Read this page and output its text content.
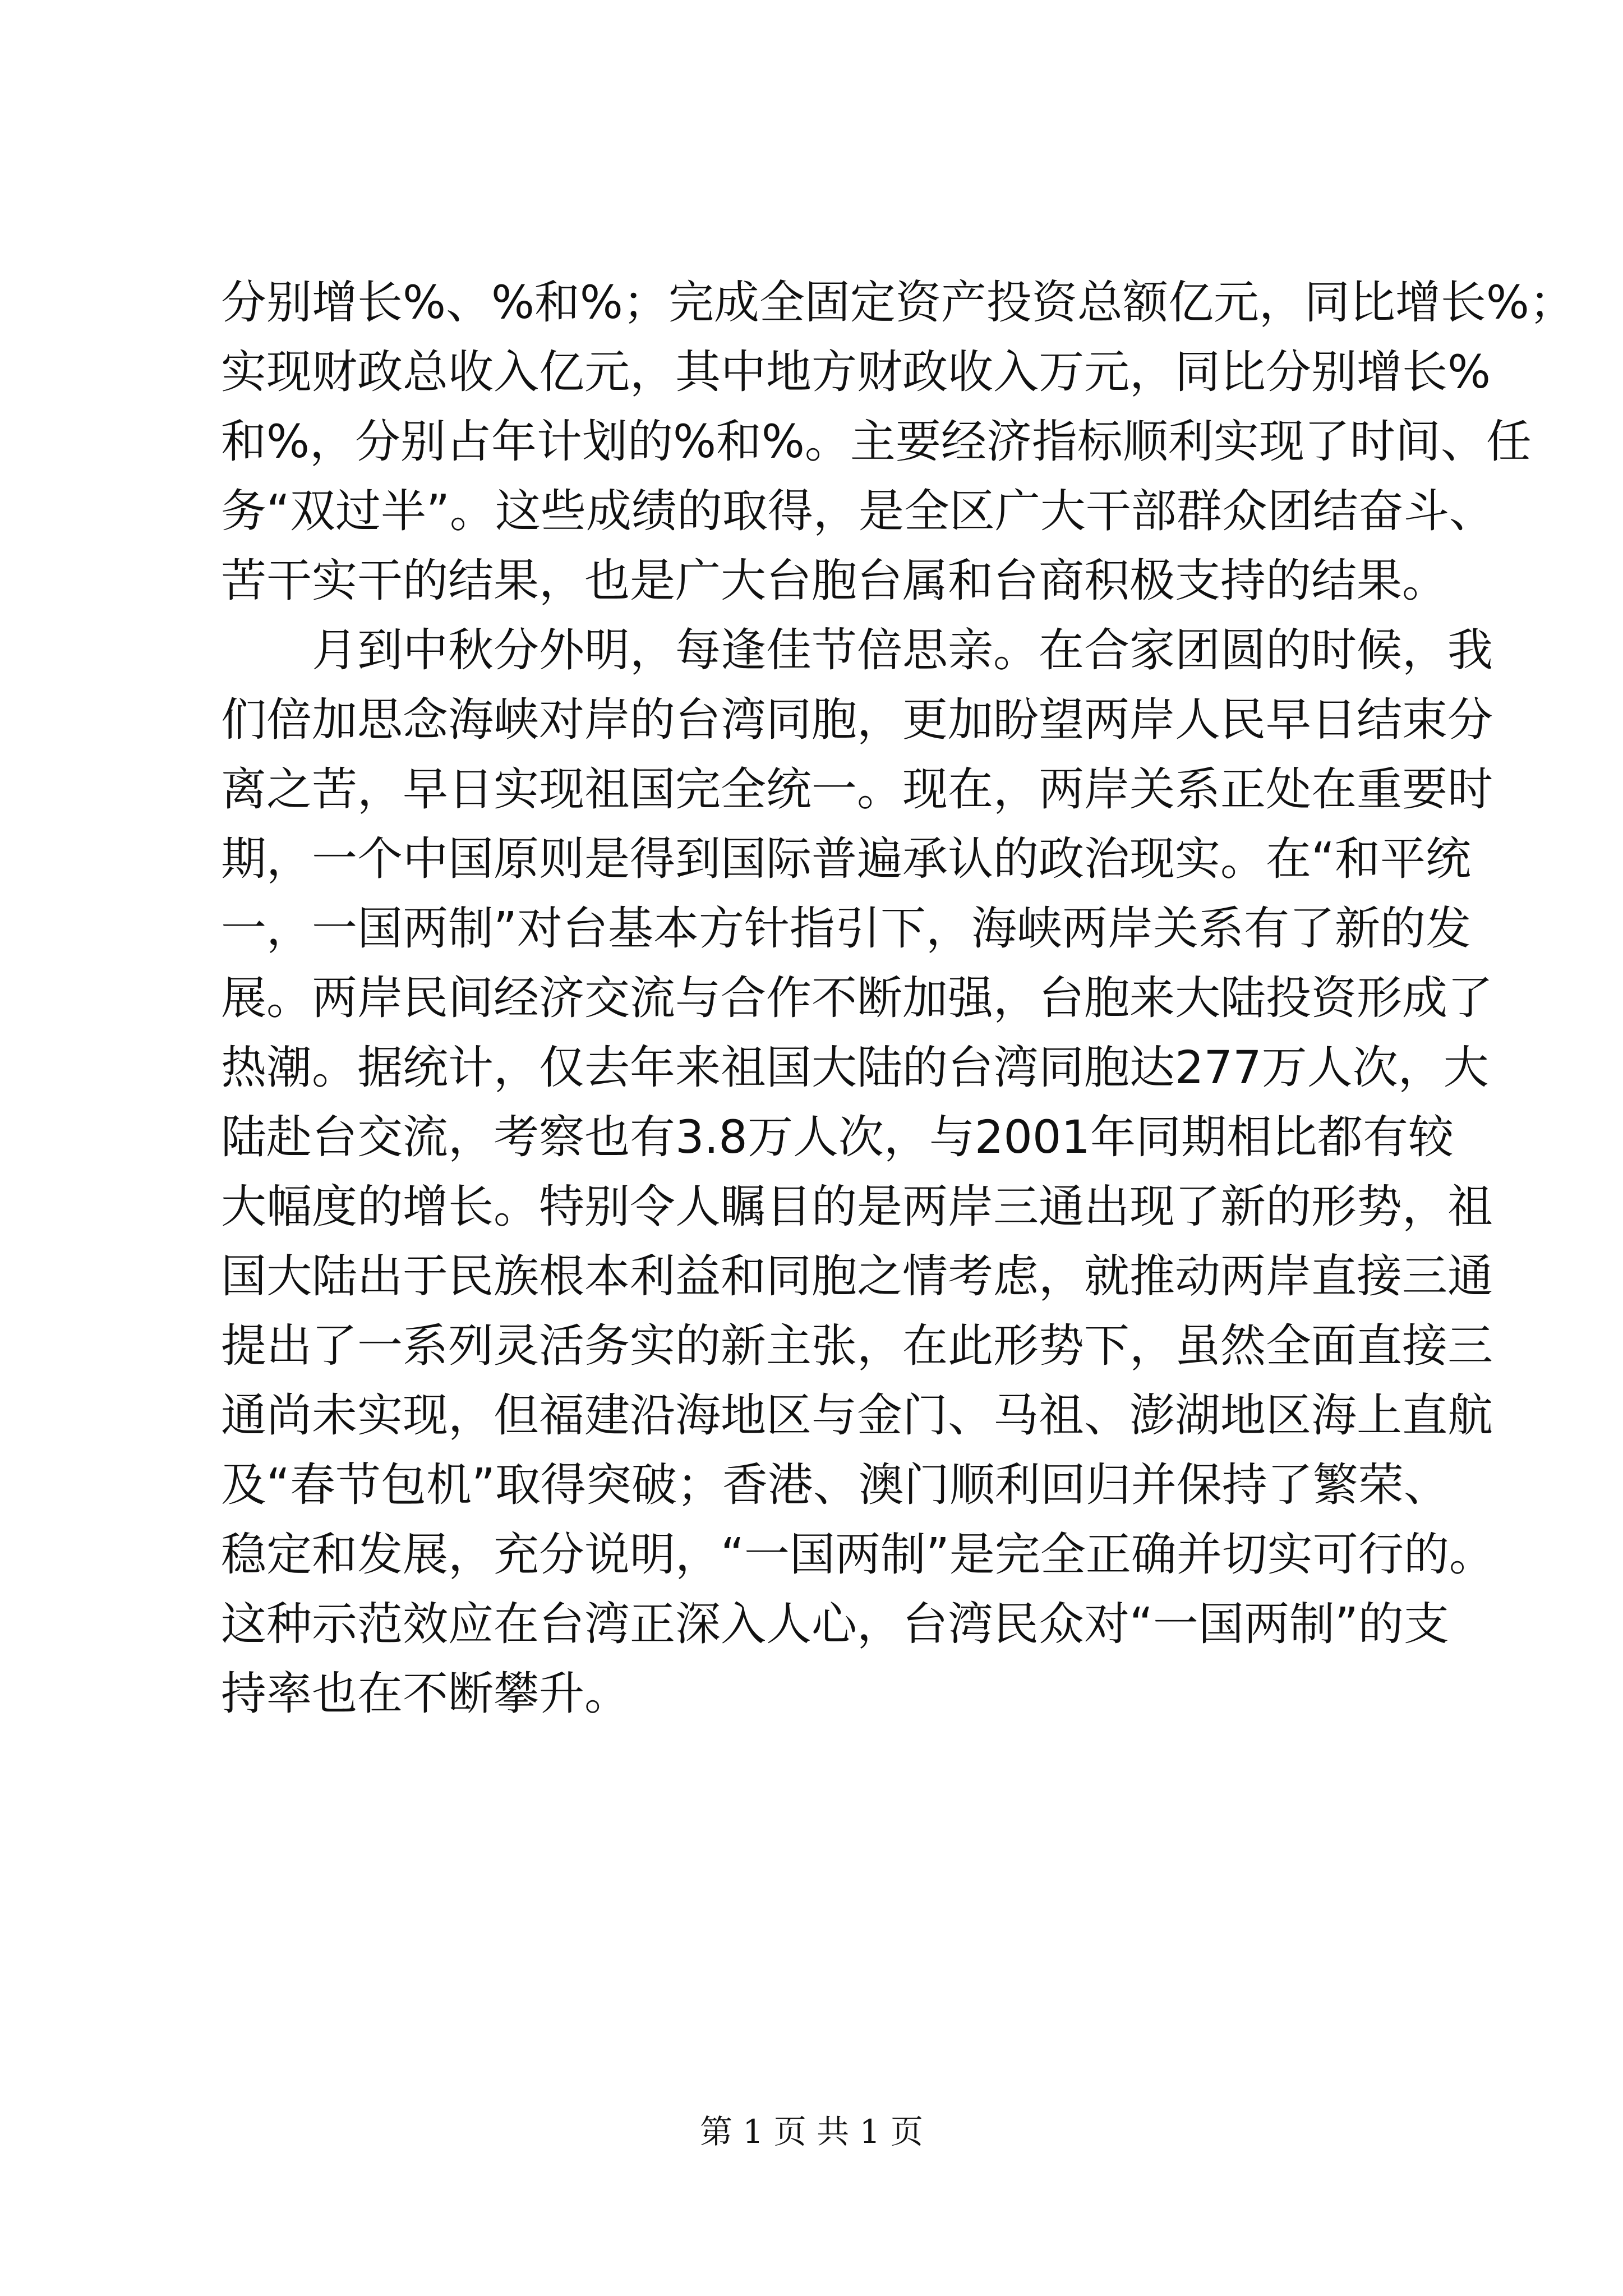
分别增长%、%和%；完成全固定资产投资总额亿元，同比增长%；
实现财政总收入亿元，其中地方财政收入万元，同比分别增长%
和%，分别占年计划的%和%。主要经济指标顺利实现了时间、任
务“双过半”。这些成绩的取得，是全区广大干部群众团结奋斗、
苦干实干的结果，也是广大台胞台属和台商积极支持的结果。
月到中秋分外明，每逢佳节倍思亲。在合家团圆的时候，我
们倍加思念海峡对岸的台湾同胞，更加盼望两岸人民早日结束分
离之苦，早日实现祖国完全统一。现在，两岸关系正处在重要时
期，一个中国原则是得到国际普遍承认的政治现实。在“和平统
一，一国两制”对台基本方针指引下，海峡两岸关系有了新的发
展。两岸民间经济交流与合作不断加强，台胞来大陆投资形成了
热潮。据统计，仅去年来祖国大陆的台湾同胞达277万人次，大
陆赴台交流，考察也有3.8万人次，与2001年同期相比都有较
大幅度的增长。特别令人瞩目的是两岸三通出现了新的形势，祖
国大陆出于民族根本利益和同胞之情考虑，就推动两岸直接三通
提出了一系列灵活务实的新主张，在此形势下，虽然全面直接三
通尚未实现，但福建沿海地区与金门、马祖、澎湖地区海上直航
及“春节包机”取得突破；香港、澳门顺利回归并保持了繁荣、
稳定和发展，充分说明，“一国两制”是完全正确并切实可行的。
这种示范效应在台湾正深入人心，台湾民众对“一国两制”的支
持率也在不断攀升。
第 1 页 共 1 页
